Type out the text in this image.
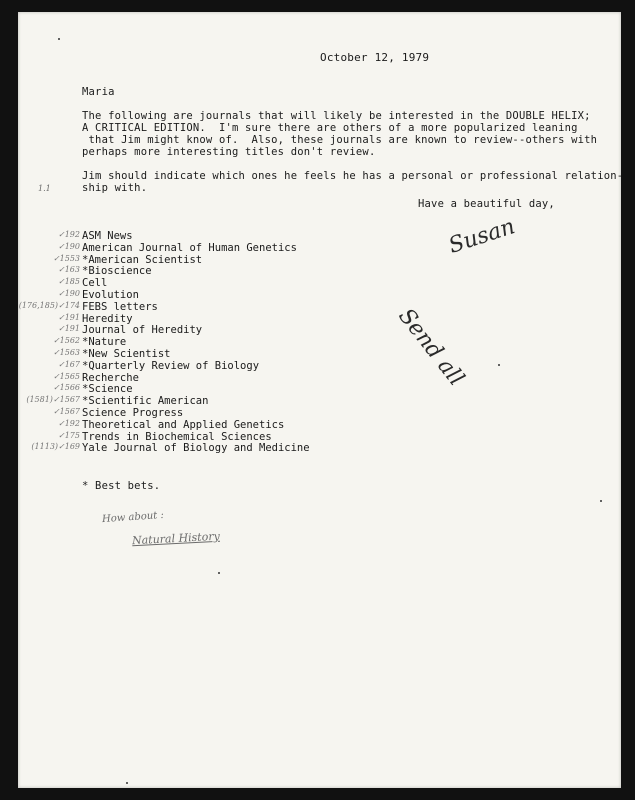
October 12, 1979
Maria
The following are journals that will likely be interested in the DOUBLE HELIX;
A CRITICAL EDITION.  I'm sure there are others of a more popularized leaning
that Jim might know of.  Also, these journals are known to review--others with
perhaps more interesting titles don't review.
Jim should indicate which ones he feels he has a personal or professional relation-
ship with.
1.1
Have a beautiful day,
Susan
Send all
✓192 ASM News
✓190 American Journal of Human Genetics
✓1553 *American Scientist
✓163 *Bioscience
✓185 Cell
✓190 Evolution
(176,185)✓174 FEBS letters
✓191 Heredity
✓191 Journal of Heredity
✓1562 *Nature
✓1563 *New Scientist
✓167 *Quarterly Review of Biology
✓1565 Recherche
✓1566 *Science
(1581)✓1567 *Scientific American
✓1567 Science Progress
✓192 Theoretical and Applied Genetics
✓175 Trends in Biochemical Sciences
(1113)✓169 Yale Journal of Biology and Medicine
* Best bets.
How about :
Natural History
